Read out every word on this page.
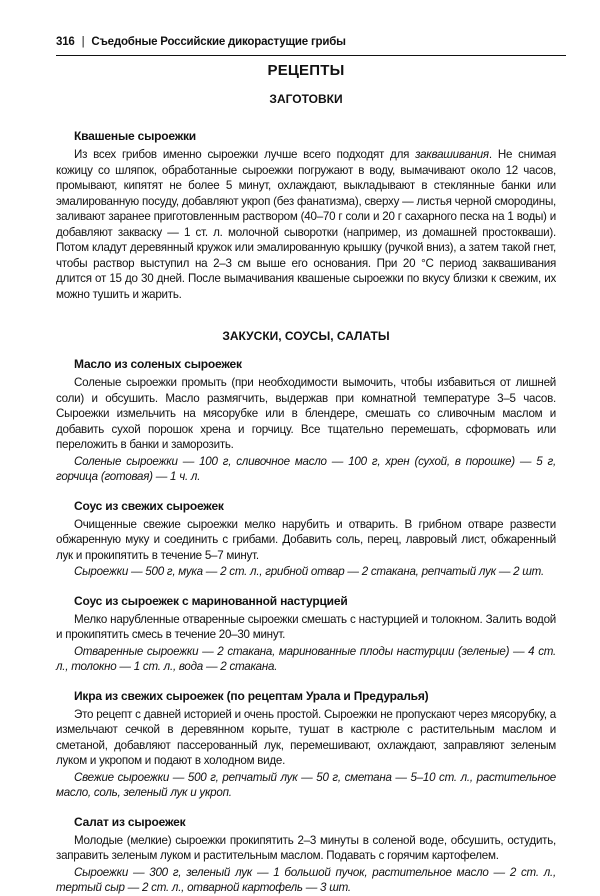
316 | Съедобные Российские дикорастущие грибы
РЕЦЕПТЫ
ЗАГОТОВКИ
Квашеные сыроежки

Из всех грибов именно сыроежки лучше всего подходят для заквашивания. Не снимая кожицу со шляпок, обработанные сыроежки погружают в воду, вымачивают около 12 часов, промывают, кипятят не более 5 минут, охлаждают, выкладывают в стеклянные банки или эмалированную посуду, добавляют укроп (без фанатизма), сверху — листья черной смородины, заливают заранее приготовленным раствором (40–70 г соли и 20 г сахарного песка на 1 воды) и добавляют закваску — 1 ст. л. молочной сыворотки (например, из домашней простокваши). Потом кладут деревянный кружок или эмалированную крышку (ручкой вниз), а затем такой гнет, чтобы раствор выступил на 2–3 см выше его основания. При 20 °C период заквашивания длится от 15 до 30 дней. После вымачивания квашеные сыроежки по вкусу близки к свежим, их можно тушить и жарить.

ЗАКУСКИ, СОУСЫ, САЛАТЫ
Масло из соленых сыроежек

Соленые сыроежки промыть (при необходимости вымочить, чтобы избавиться от лишней соли) и обсушить. Масло размягчить, выдержав при комнатной температуре 3–5 часов. Сыроежки измельчить на мясорубке или в блендере, смешать со сливочным маслом и добавить сухой порошок хрена и горчицу. Все тщательно перемешать, сформовать или переложить в банки и заморозить.

Соленые сыроежки — 100 г, сливочное масло — 100 г, хрен (сухой, в порошке) — 5 г, горчица (готовая) — 1 ч. л.

Соус из свежих сыроежек

Очищенные свежие сыроежки мелко нарубить и отварить. В грибном отваре развести обжаренную муку и соединить с грибами. Добавить соль, перец, лавровый лист, обжаренный лук и прокипятить в течение 5–7 минут.

Сыроежки — 500 г, мука — 2 ст. л., грибной отвар — 2 стакана, репчатый лук — 2 шт.

Соус из сыроежек с маринованной настурцией

Мелко нарубленные отваренные сыроежки смешать с настурцией и толокном. Залить водой и прокипятить смесь в течение 20–30 минут.

Отваренные сыроежки — 2 стакана, маринованные плоды настурции (зеленые) — 4 ст. л., толокно — 1 ст. л., вода — 2 стакана.

Икра из свежих сыроежек (по рецептам Урала и Предуралья)

Это рецепт с давней историей и очень простой. Сыроежки не пропускают через мясорубку, а измельчают сечкой в деревянном корыте, тушат в кастрюле с растительным маслом и сметаной, добавляют пассерованный лук, перемешивают, охлаждают, заправляют зеленым луком и укропом и подают в холодном виде.

Свежие сыроежки — 500 г, репчатый лук — 50 г, сметана — 5–10 ст. л., растительное масло, соль, зеленый лук и укроп.

Салат из сыроежек

Молодые (мелкие) сыроежки прокипятить 2–3 минуты в соленой воде, обсушить, остудить, заправить зеленым луком и растительным маслом. Подавать с горячим картофелем.

Сыроежки — 300 г, зеленый лук — 1 большой пучок, растительное масло — 2 ст. л., тертый сыр — 2 ст. л., отварной картофель — 3 шт.
